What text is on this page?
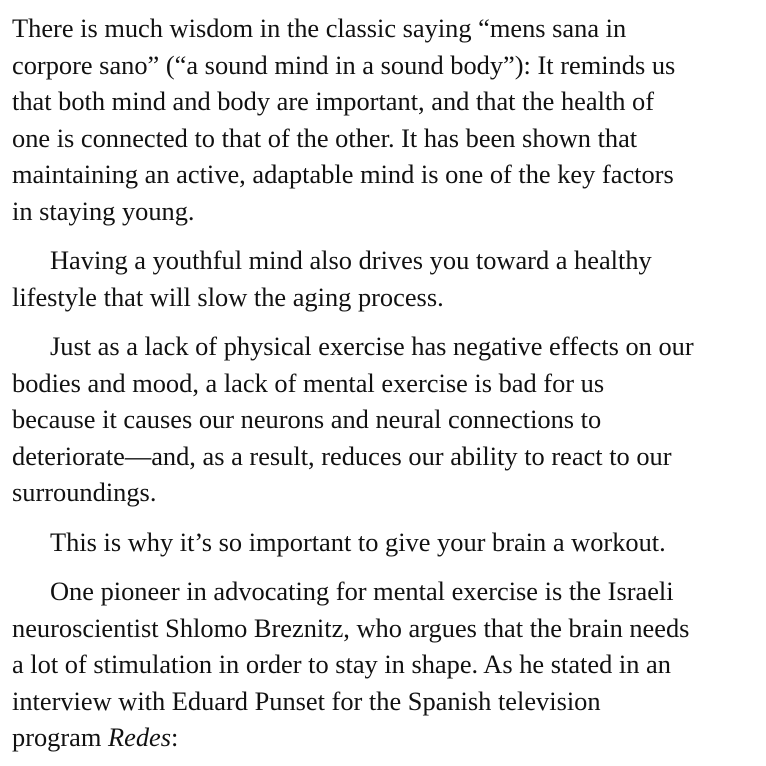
There is much wisdom in the classic saying “mens sana in
corpore sano” (“a sound mind in a sound body”): It reminds us
that both mind and body are important, and that the health of
one is connected to that of the other. It has been shown that
maintaining an active, adaptable mind is one of the key factors
in staying young.

Having a youthful mind also drives you toward a healthy
lifestyle that will slow the aging process.

Just as a lack of physical exercise has negative effects on our
bodies and mood, a lack of mental exercise is bad for us
because it causes our neurons and neural connections to
deteriorate—and, as a result, reduces our ability to react to our
surroundings.

This is why it’s so important to give your brain a workout.

One pioneer in advocating for mental exercise is the Israeli
neuroscientist Shlomo Breznitz, who argues that the brain needs
a lot of stimulation in order to stay in shape. As he stated in an
interview with Eduard Punset for the Spanish television
program Redes:
